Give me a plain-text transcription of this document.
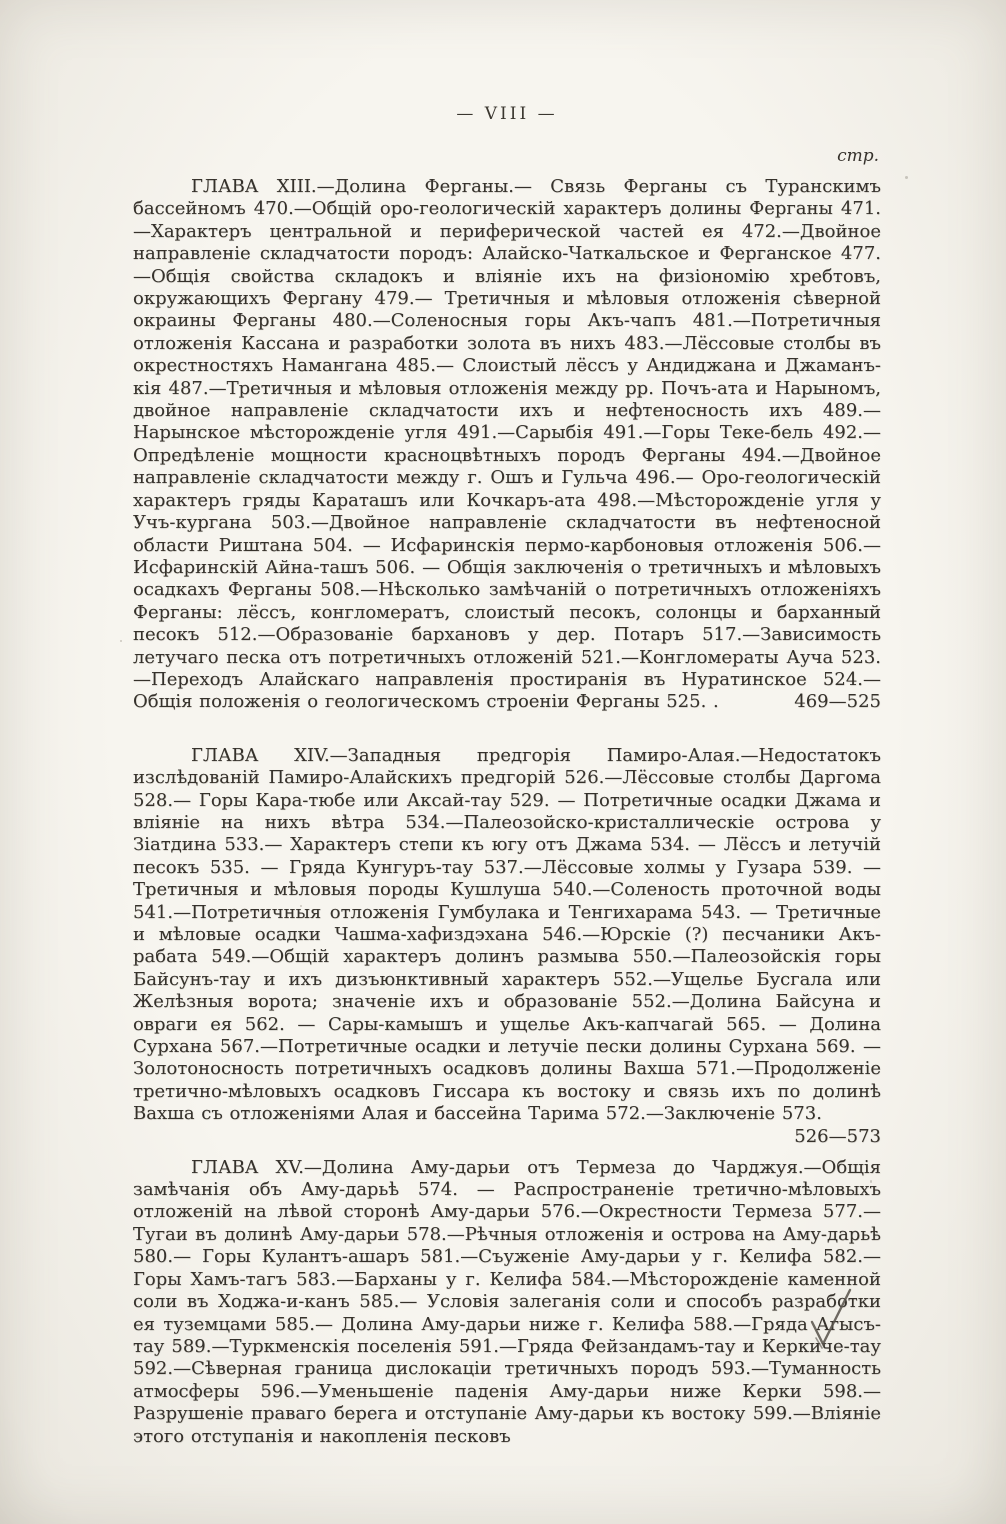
— VIII —
стр.

ГЛАВА XIII.—Долина Ферганы.— Связь Ферганы съ Туранскимъ бассейномъ 470.—Общій оро-геологическій характеръ долины Ферганы 471.—Характеръ центральной и периферической частей ея 472.—Двойное направленіе складчатости породъ: Алайско-Чаткальское и Ферганское 477.—Общія свойства складокъ и вліяніе ихъ на физіономію хребтовъ, окружающихъ Фергану 479.— Третичныя и мѣловыя отложенія сѣверной окраины Ферганы 480.—Соленосныя горы Акъ-чапъ 481.—Потретичныя отложенія Кассана и разработки золота въ нихъ 483.—Лёссовые столбы въ окрестностяхъ Намангана 485.— Слоистый лёссъ у Андиджана и Джаманъ-кія 487.—Третичныя и мѣловыя отложенія между рр. Почъ-ата и Нарыномъ, двойное направленіе складчатости ихъ и нефтеносность ихъ 489.—Нарынское мѣсторожденіе угля 491.—Сарыбія 491.—Горы Теке-бель 492.—Опредѣленіе мощности красноцвѣтныхъ породъ Ферганы 494.—Двойное направленіе складчатости между г. Ошъ и Гульча 496.— Оро-геологическій характеръ гряды Караташъ или Кочкаръ-ата 498.—Мѣсторожденіе угля у Учъ-кургана 503.—Двойное направленіе складчатости въ нефтеносной области Риштана 504. — Исфаринскія пермо-карбоновыя отложенія 506.—Исфаринскій Айна-ташъ 506. — Общія заключенія о третичныхъ и мѣловыхъ осадкахъ Ферганы 508.—Нѣсколько замѣчаній о потретичныхъ отложеніяхъ Ферганы: лёссъ, конгломератъ, слоистый песокъ, солонцы и барханный песокъ 512.—Образованіе бархановъ у дер. Потаръ 517.—Зависимость летучаго песка отъ потретичныхъ отложеній 521.—Конгломераты Ауча 523.—Переходъ Алайскаго направленія простиранія въ Нуратинское 524.—Общія положенія о геологическомъ строеніи Ферганы 525. .	469—525

ГЛАВА XIV.—Западныя предгорія Памиро-Алая.—Недостатокъ изслѣдованій Памиро-Алайскихъ предгорій 526.—Лёссовые столбы Даргома 528.— Горы Кара-тюбе или Аксай-тау 529. — Потретичные осадки Джама и вліяніе на нихъ вѣтра 534.—Палеозойско-кристаллическіе острова у Зіатдина 533.— Характеръ степи къ югу отъ Джама 534. — Лёссъ и летучій песокъ 535. — Гряда Кунгуръ-тау 537.—Лёссовые холмы у Гузара 539. — Третичныя и мѣловыя породы Кушлуша 540.—Соленость проточной воды 541.—Потретичныя отложенія Гумбулака и Тенгихарама 543. — Третичные и мѣловые осадки Чашма-хафиздэхана 546.—Юрскіе (?) песчаники Акъ-рабата 549.—Общій характеръ долинъ размыва 550.—Палеозойскія горы Байсунъ-тау и ихъ дизъюнктивный характеръ 552.—Ущелье Бусгала или Желѣзныя ворота; значеніе ихъ и образованіе 552.—Долина Байсуна и овраги ея 562. — Сары-камышъ и ущелье Акъ-капчагай 565. — Долина Сурхана 567.—Потретичные осадки и летучіе пески долины Сурхана 569. — Золотоносность потретичныхъ осадковъ долины Вахша 571.—Продолженіе третично-мѣловыхъ осадковъ Гиссара къ востоку и связь ихъ по долинѣ Вахша съ отложеніями Алая и бассейна Тарима 572.—Заключеніе 573.
526—573

ГЛАВА XV.—Долина Аму-дарьи отъ Термеза до Чарджуя.—Общія замѣчанія объ Аму-дарьѣ 574. — Распространеніе третично-мѣловыхъ отложеній на лѣвой сторонѣ Аму-дарьи 576.—Окрестности Термеза 577.—Тугаи въ долинѣ Аму-дарьи 578.—Рѣчныя отложенія и острова на Аму-дарьѣ 580.— Горы Кулантъ-ашаръ 581.—Съуженіе Аму-дарьи у г. Келифа 582.—Горы Хамъ-тагъ 583.—Барханы у г. Келифа 584.—Мѣсторожденіе каменной соли въ Ходжа-и-канъ 585.— Условія залеганія соли и способъ разработки ея туземцами 585.— Долина Аму-дарьи ниже г. Келифа 588.—Гряда Агысъ-тау 589.—Туркменскія поселенія 591.—Гряда Фейзандамъ-тау и Керкиче-тау 592.—Сѣверная граница дислокаціи третичныхъ породъ 593.—Туманность атмосферы 596.—Уменьшеніе паденія Аму-дарьи ниже Керки 598.—Разрушеніе праваго берега и отступаніе Аму-дарьи къ востоку 599.—Вліяніе этого отступанія и накопленія песковъ
